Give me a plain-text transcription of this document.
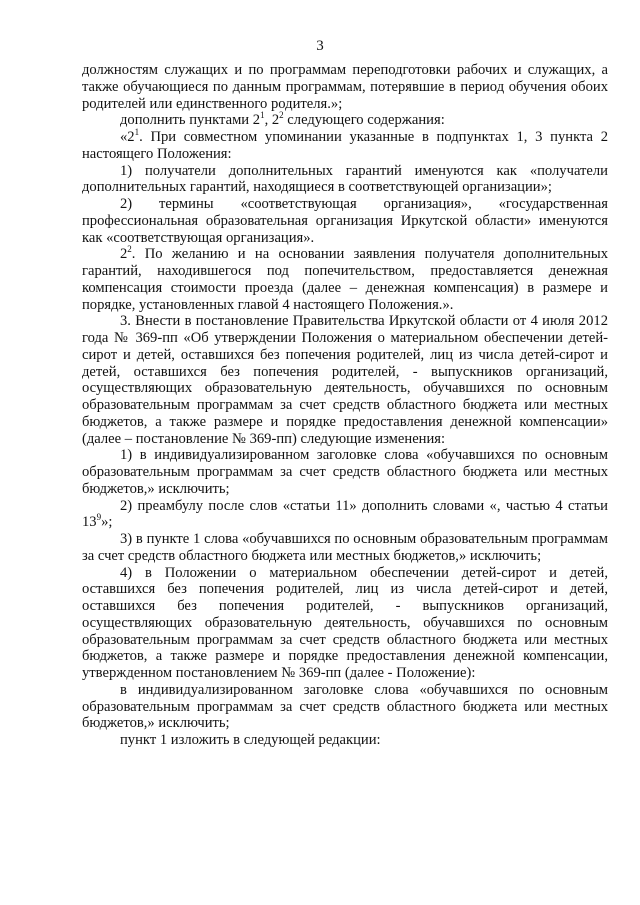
3

должностям служащих и по программам переподготовки рабочих и служащих, а также обучающиеся по данным программам, потерявшие в период обучения обоих родителей или единственного родителя.»;

дополнить пунктами $2^1$, $2^2$ следующего содержания:

«$2^1$. При совместном упоминании указанные в подпунктах 1, 3 пункта 2 настоящего Положения:

1) получатели дополнительных гарантий именуются как «получатели дополнительных гарантий, находящиеся в соответствующей организации»;

2) термины «соответствующая организация», «государственная профессиональная образовательная организация Иркутской области» именуются как «соответствующая организация».

$2^2$. По желанию и на основании заявления получателя дополнительных гарантий, находившегося под попечительством, предоставляется денежная компенсация стоимости проезда (далее – денежная компенсация) в размере и порядке, установленных главой 4 настоящего Положения.».

3. Внести в постановление Правительства Иркутской области от 4 июля 2012 года № 369-пп «Об утверждении Положения о материальном обеспечении детей-сирот и детей, оставшихся без попечения родителей, лиц из числа детей-сирот и детей, оставшихся без попечения родителей, - выпускников организаций, осуществляющих образовательную деятельность, обучавшихся по основным образовательным программам за счет средств областного бюджета или местных бюджетов, а также размере и порядке предоставления денежной компенсации» (далее – постановление № 369-пп) следующие изменения:

1) в индивидуализированном заголовке слова «обучавшихся по основным образовательным программам за счет средств областного бюджета или местных бюджетов,» исключить;

2) преамбулу после слов «статьи 11» дополнить словами «, частью 4 статьи $13^9$»;

3) в пункте 1 слова «обучавшихся по основным образовательным программам за счет средств областного бюджета или местных бюджетов,» исключить;

4) в Положении о материальном обеспечении детей-сирот и детей, оставшихся без попечения родителей, лиц из числа детей-сирот и детей, оставшихся без попечения родителей, - выпускников организаций, осуществляющих образовательную деятельность, обучавшихся по основным образовательным программам за счет средств областного бюджета или местных бюджетов, а также размере и порядке предоставления денежной компенсации, утвержденном постановлением № 369-пп (далее - Положение):

в индивидуализированном заголовке слова «обучавшихся по основным образовательным программам за счет средств областного бюджета или местных бюджетов,» исключить;

пункт 1 изложить в следующей редакции:
